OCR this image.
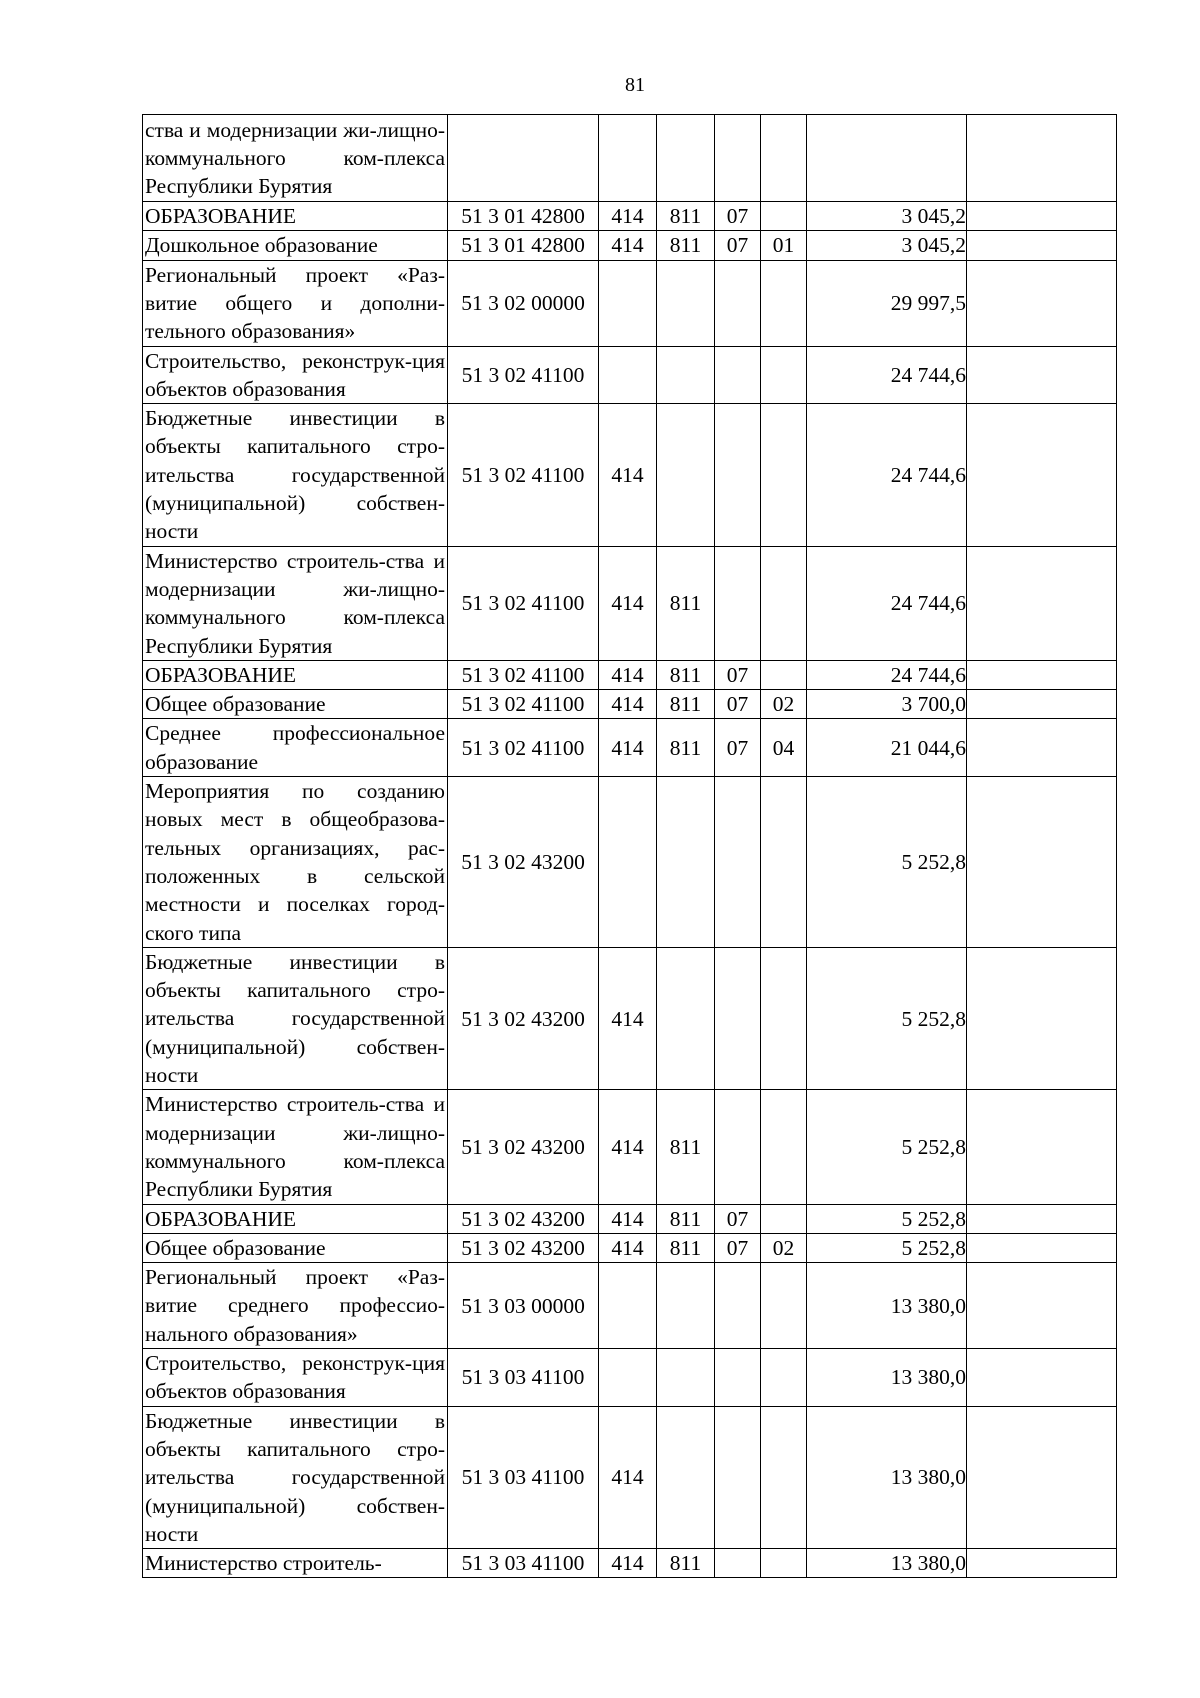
81
ства и модернизации жи-лищно-коммунального ком-плекса Республики Бурятия							
ОБРАЗОВАНИЕ	51 3 01 42800	414	811	07		3 045,2	
Дошкольное образование	51 3 01 42800	414	811	07	01	3 045,2	
Региональный проект «Раз-витие общего и дополни-тельного образования»	51 3 02 00000					29 997,5	
Строительство, реконструк-ция объектов образования	51 3 02 41100					24 744,6	
Бюджетные инвестиции в объекты капитального стро-ительства государственной (муниципальной) собствен-ности	51 3 02 41100	414				24 744,6	
Министерство строитель-ства и модернизации жи-лищно-коммунального ком-плекса Республики Бурятия	51 3 02 41100	414	811			24 744,6	
ОБРАЗОВАНИЕ	51 3 02 41100	414	811	07		24 744,6	
Общее образование	51 3 02 41100	414	811	07	02	3 700,0	
Среднее профессиональное образование	51 3 02 41100	414	811	07	04	21 044,6	
Мероприятия по созданию новых мест в общеобразова-тельных организациях, рас-положенных в сельской местности и поселках город-ского типа	51 3 02 43200					5 252,8	
Бюджетные инвестиции в объекты капитального стро-ительства государственной (муниципальной) собствен-ности	51 3 02 43200	414				5 252,8	
Министерство строитель-ства и модернизации жи-лищно-коммунального ком-плекса Республики Бурятия	51 3 02 43200	414	811			5 252,8	
ОБРАЗОВАНИЕ	51 3 02 43200	414	811	07		5 252,8	
Общее образование	51 3 02 43200	414	811	07	02	5 252,8	
Региональный проект «Раз-витие среднего профессио-нального образования»	51 3 03 00000					13 380,0	
Строительство, реконструк-ция объектов образования	51 3 03 41100					13 380,0	
Бюджетные инвестиции в объекты капитального стро-ительства государственной (муниципальной) собствен-ности	51 3 03 41100	414				13 380,0	
Министерство строитель-	51 3 03 41100	414	811			13 380,0	
